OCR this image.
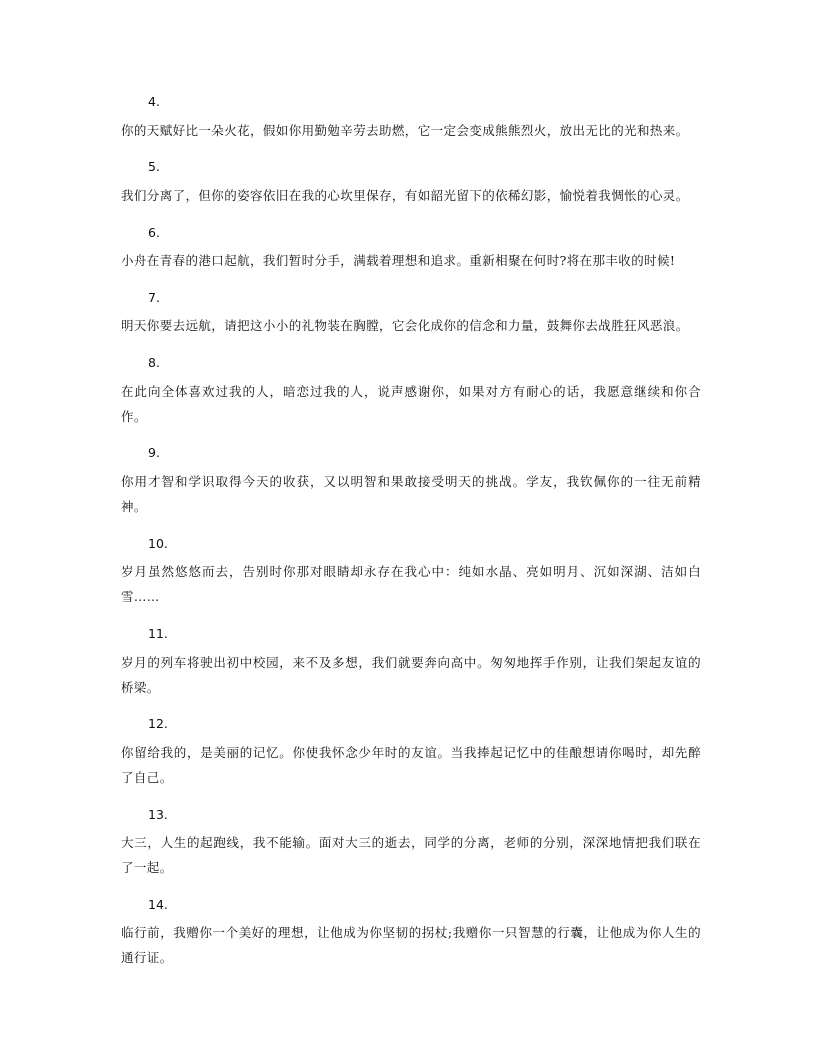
4.
你的天赋好比一朵火花，假如你用勤勉辛劳去助燃，它一定会变成熊熊烈火，放出无比的光和热来。
5.
我们分离了，但你的姿容依旧在我的心坎里保存，有如韶光留下的依稀幻影，愉悦着我惆怅的心灵。
6.
小舟在青春的港口起航，我们暂时分手，满载着理想和追求。重新相聚在何时?将在那丰收的时候!
7.
明天你要去远航，请把这小小的礼物装在胸膛，它会化成你的信念和力量，鼓舞你去战胜狂风恶浪。
8.
在此向全体喜欢过我的人，暗恋过我的人，说声感谢你，如果对方有耐心的话，我愿意继续和你合作。
9.
你用才智和学识取得今天的收获，又以明智和果敢接受明天的挑战。学友，我钦佩你的一往无前精神。
10.
岁月虽然悠悠而去，告别时你那对眼睛却永存在我心中：纯如水晶、亮如明月、沉如深湖、洁如白雪……
11.
岁月的列车将驶出初中校园，来不及多想，我们就要奔向高中。匆匆地挥手作别，让我们架起友谊的桥梁。
12.
你留给我的，是美丽的记忆。你使我怀念少年时的友谊。当我捧起记忆中的佳酿想请你喝时，却先醉了自己。
13.
大三，人生的起跑线，我不能输。面对大三的逝去，同学的分离，老师的分别，深深地情把我们联在了一起。
14.
临行前，我赠你一个美好的理想，让他成为你坚韧的拐杖;我赠你一只智慧的行囊，让他成为你人生的通行证。
